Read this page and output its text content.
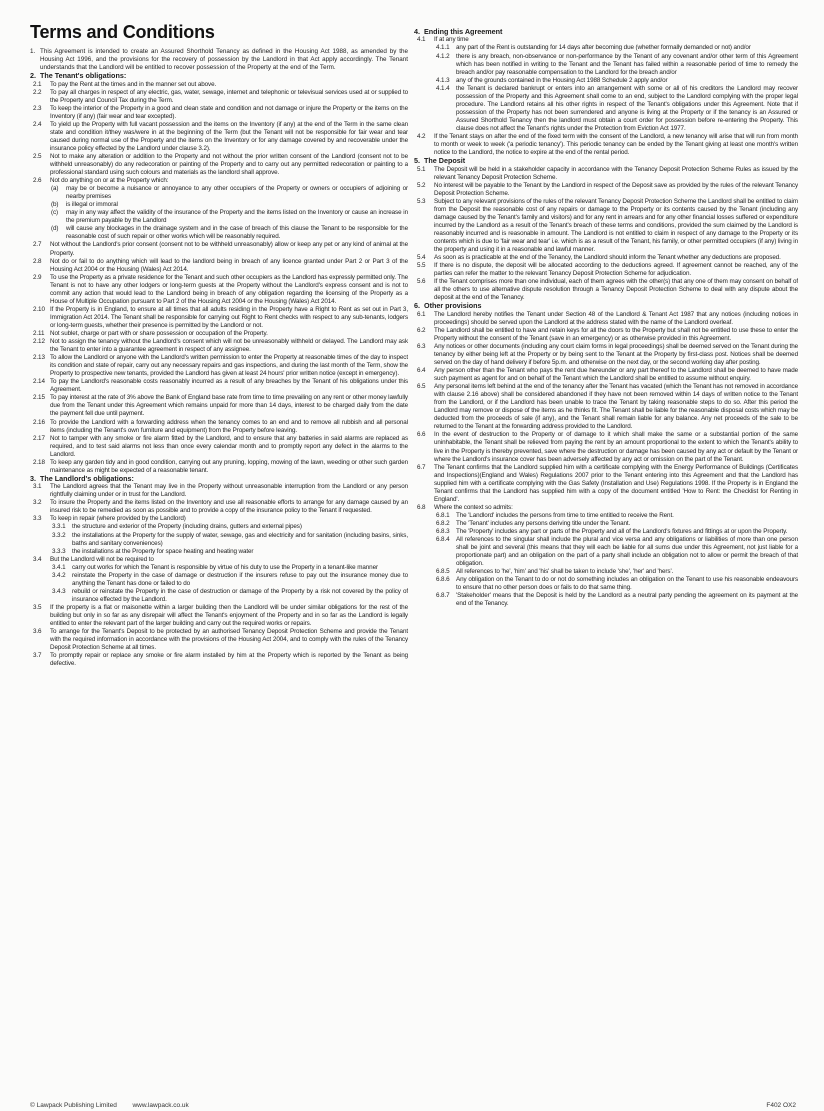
Terms and Conditions
1. This Agreement is intended to create an Assured Shorthold Tenancy as defined in the Housing Act 1988, as amended by the Housing Act 1996, and the provisions for the recovery of possession by the Landlord in that Act apply accordingly. The Tenant understands that the Landlord will be entitled to recover possession of the Property at the end of the Term.
2. The Tenant's obligations:
2.1 To pay the Rent at the times and in the manner set out above.
2.2 To pay all charges in respect of any electric, gas, water, sewage, internet and telephonic or televisual services used at or supplied to the Property and Council Tax during the Term.
2.3 To keep the interior of the Property in a good and clean state and condition and not damage or injure the Property or the items on the Inventory (if any) (fair wear and tear excepted).
2.4 To yield up the Property with full vacant possession and the items on the Inventory (if any) at the end of the Term in the same clean state and condition it/they was/were in at the beginning of the Term (but the Tenant will not be responsible for fair wear and tear caused during normal use of the Property and the items on the Inventory or for any damage covered by and recoverable under the insurance policy effected by the Landlord under clause 3.2).
2.5 Not to make any alteration or addition to the Property and not without the prior written consent of the Landlord (consent not to be withheld unreasonably) do any redecoration or painting of the Property and to carry out any permitted redecoration or painting to a professional standard using such colours and materials as the landlord shall approve.
2.6 Not do anything on or at the Property which:
(a) may be or become a nuisance or annoyance to any other occupiers of the Property or owners or occupiers of adjoining or nearby premises
(b) is illegal or immoral
(c) may in any way affect the validity of the insurance of the Property and the items listed on the Inventory or cause an increase in the premium payable by the Landlord
(d) will cause any blockages in the drainage system and in the case of breach of this clause the Tenant to be responsible for the reasonable cost of such repair or other works which will be reasonably required.
2.7 Not without the Landlord's prior consent (consent not to be withheld unreasonably) allow or keep any pet or any kind of animal at the Property.
2.8 Not do or fail to do anything which will lead to the landlord being in breach of any licence granted under Part 2 or Part 3 of the Housing Act 2004 or the Housing (Wales) Act 2014.
2.9 To use the Property as a private residence for the Tenant and such other occupiers as the Landlord has expressly permitted only. The Tenant is not to have any other lodgers or long-term guests at the Property without the Landlord's express consent and is not to commit any action that would lead to the Landlord being in breach of any obligation regarding the licensing of the Property as a House of Multiple Occupation pursuant to Part 2 of the Housing Act 2004 or the Housing (Wales) Act 2014.
2.10 If the Property is in England, to ensure at all times that all adults residing in the Property have a Right to Rent as set out in Part 3, Immigration Act 2014. The Tenant shall be responsible for carrying out Right to Rent checks with respect to any sub-tenants, lodgers or long-term guests, whether their presence is permitted by the Landlord or not.
2.11 Not sublet, charge or part with or share possession or occupation of the Property.
2.12 Not to assign the tenancy without the Landlord's consent which will not be unreasonably withheld or delayed. The Landlord may ask the Tenant to enter into a guarantee agreement in respect of any assignee.
2.13 To allow the Landlord or anyone with the Landlord's written permission to enter the Property at reasonable times of the day to inspect its condition and state of repair, carry out any necessary repairs and gas inspections, and during the last month of the Term, show the Property to prospective new tenants, provided the Landlord has given at least 24 hours' prior written notice (except in emergency).
2.14 To pay the Landlord's reasonable costs reasonably incurred as a result of any breaches by the Tenant of his obligations under this Agreement.
2.15 To pay interest at the rate of 3% above the Bank of England base rate from time to time prevailing on any rent or other money lawfully due from the Tenant under this Agreement which remains unpaid for more than 14 days, interest to be charged daily from the date the payment fell due until payment.
2.16 To provide the Landlord with a forwarding address when the tenancy comes to an end and to remove all rubbish and all personal items (including the Tenant's own furniture and equipment) from the Property before leaving.
2.17 Not to tamper with any smoke or fire alarm fitted by the Landlord, and to ensure that any batteries in said alarms are replaced as required, and to test said alarms not less than once every calendar month and to promptly report any defect in the alarms to the Landlord.
2.18 To keep any garden tidy and in good condition, carrying out any pruning, lopping, mowing of the lawn, weeding or other such garden maintenance as might be expected of a reasonable tenant.
3. The Landlord's obligations:
3.1 The Landlord agrees that the Tenant may live in the Property without unreasonable interruption from the Landlord or any person rightfully claiming under or in trust for the Landlord.
3.2 To insure the Property and the items listed on the Inventory and use all reasonable efforts to arrange for any damage caused by an insured risk to be remedied as soon as possible and to provide a copy of the insurance policy to the Tenant if requested.
3.3 To keep in repair (where provided by the Landlord)
3.3.1 the structure and exterior of the Property (including drains, gutters and external pipes)
3.3.2 the installations at the Property for the supply of water, sewage, gas and electricity and for sanitation (including basins, sinks, baths and sanitary conveniences)
3.3.3 the installations at the Property for space heating and heating water
3.4 But the Landlord will not be required to
3.4.1 carry out works for which the Tenant is responsible by virtue of his duty to use the Property in a tenant-like manner
3.4.2 reinstate the Property in the case of damage or destruction if the insurers refuse to pay out the insurance money due to anything the Tenant has done or failed to do
3.4.3 rebuild or reinstate the Property in the case of destruction or damage of the Property by a risk not covered by the policy of insurance effected by the Landlord.
3.5 If the property is a flat or maisonette within a larger building then the Landlord will be under similar obligations for the rest of the building but only in so far as any disrepair will affect the Tenant's enjoyment of the Property and in so far as the Landlord is legally entitled to enter the relevant part of the larger building and carry out the required works or repairs.
3.6 To arrange for the Tenant's Deposit to be protected by an authorised Tenancy Deposit Protection Scheme and provide the Tenant with the required information in accordance with the provisions of the Housing Act 2004, and to comply with the rules of the Tenancy Deposit Protection Scheme at all times.
3.7 To promptly repair or replace any smoke or fire alarm installed by him at the Property which is reported by the Tenant as being defective.
4. Ending this Agreement
4.1 If at any time
4.1.1 any part of the Rent is outstanding for 14 days after becoming due (whether formally demanded or not) and/or
4.1.2 there is any breach, non-observance or non-performance by the Tenant of any covenant and/or other term of this Agreement which has been notified in writing to the Tenant and the Tenant has failed within a reasonable period of time to remedy the breach and/or pay reasonable compensation to the Landlord for the breach and/or
4.1.3 any of the grounds contained in the Housing Act 1988 Schedule 2 apply and/or
4.1.4 the Tenant is declared bankrupt or enters into an arrangement with some or all of his creditors the Landlord may recover possession of the Property and this Agreement shall come to an end, subject to the Landlord complying with the proper legal procedure. The Landlord retains all his other rights in respect of the Tenant's obligations under this Agreement. Note that if possession of the Property has not been surrendered and anyone is living at the Property or if the tenancy is an Assured or Assured Shorthold Tenancy then the landlord must obtain a court order for possession before re-entering the Property. This clause does not affect the Tenant's rights under the Protection from Eviction Act 1977.
4.2 If the Tenant stays on after the end of the fixed term with the consent of the Landlord, a new tenancy will arise that will run from month to month or week to week ('a periodic tenancy'). This periodic tenancy can be ended by the Tenant giving at least one month's written notice to the Landlord, the notice to expire at the end of the rental period.
5. The Deposit
5.1 The Deposit will be held in a stakeholder capacity in accordance with the Tenancy Deposit Protection Scheme Rules as issued by the relevant Tenancy Deposit Protection Scheme.
5.2 No interest will be payable to the Tenant by the Landlord in respect of the Deposit save as provided by the rules of the relevant Tenancy Deposit Protection Scheme.
5.3 Subject to any relevant provisions of the rules of the relevant Tenancy Deposit Protection Scheme the Landlord shall be entitled to claim from the Deposit the reasonable cost of any repairs or damage to the Property or its contents caused by the Tenant (including any damage caused by the Tenant's family and visitors) and for any rent in arrears and for any other financial losses suffered or expenditure incurred by the Landlord as a result of the Tenant's breach of these terms and conditions, provided the sum claimed by the Landlord is reasonably incurred and is reasonable in amount. The Landlord is not entitled to claim in respect of any damage to the Property or its contents which is due to 'fair wear and tear' i.e. which is as a result of the Tenant, his family, or other permitted occupiers (if any) living in the property and using it in a reasonable and lawful manner.
5.4 As soon as is practicable at the end of the Tenancy, the Landlord should inform the Tenant whether any deductions are proposed.
5.5 If there is no dispute, the deposit will be allocated according to the deductions agreed. If agreement cannot be reached, any of the parties can refer the matter to the relevant Tenancy Deposit Protection Scheme for adjudication.
5.6 If the Tenant comprises more than one individual, each of them agrees with the other(s) that any one of them may consent on behalf of all the others to use alternative dispute resolution through a Tenancy Deposit Protection Scheme to deal with any dispute about the deposit at the end of the Tenancy.
6. Other provisions
6.1 The Landlord hereby notifies the Tenant under Section 48 of the Landlord & Tenant Act 1987 that any notices (including notices in proceedings) should be served upon the Landlord at the address stated with the name of the Landlord overleaf.
6.2 The Landlord shall be entitled to have and retain keys for all the doors to the Property but shall not be entitled to use these to enter the Property without the consent of the Tenant (save in an emergency) or as otherwise provided in this Agreement.
6.3 Any notices or other documents (including any court claim forms in legal proceedings) shall be deemed served on the Tenant during the tenancy by either being left at the Property or by being sent to the Tenant at the Property by first-class post. Notices shall be deemed served on the day of hand delivery if before 5p.m. and otherwise on the next day, or the second working day after posting.
6.4 Any person other than the Tenant who pays the rent due hereunder or any part thereof to the Landlord shall be deemed to have made such payment as agent for and on behalf of the Tenant which the Landlord shall be entitled to assume without enquiry.
6.5 Any personal items left behind at the end of the tenancy after the Tenant has vacated (which the Tenant has not removed in accordance with clause 2.16 above) shall be considered abandoned if they have not been removed within 14 days of written notice to the Tenant from the Landlord, or if the Landlord has been unable to trace the Tenant by taking reasonable steps to do so. After this period the Landlord may remove or dispose of the items as he thinks fit. The Tenant shall be liable for the reasonable disposal costs which may be deducted from the proceeds of sale (if any), and the Tenant shall remain liable for any balance. Any net proceeds of the sale to be returned to the Tenant at the forwarding address provided to the Landlord.
6.6 In the event of destruction to the Property or of damage to it which shall make the same or a substantial portion of the same uninhabitable, the Tenant shall be relieved from paying the rent by an amount proportional to the extent to which the Tenant's ability to live in the Property is thereby prevented, save where the destruction or damage has been caused by any act or default by the Tenant or where the Landlord's insurance cover has been adversely affected by any act or omission on the part of the Tenant.
6.7 The Tenant confirms that the Landlord supplied him with a certificate complying with the Energy Performance of Buildings (Certificates and Inspections)(England and Wales) Regulations 2007 prior to the Tenant entering into this Agreement and that the Landlord has supplied him with a certificate complying with the Gas Safety (Installation and Use) Regulations 1998. If the Property is in England the Tenant confirms that the Landlord has supplied him with a copy of the document entitled 'How to Rent: the Checklist for Renting in England'.
6.8 Where the context so admits:
6.8.1 The 'Landlord' includes the persons from time to time entitled to receive the Rent.
6.8.2 The 'Tenant' includes any persons deriving title under the Tenant.
6.8.3 The 'Property' includes any part or parts of the Property and all of the Landlord's fixtures and fittings at or upon the Property.
6.8.4 All references to the singular shall include the plural and vice versa and any obligations or liabilities of more than one person shall be joint and several (this means that they will each be liable for all sums due under this Agreement, not just liable for a proportionate part) and an obligation on the part of a party shall include an obligation not to allow or permit the breach of that obligation.
6.8.5 All references to 'he', 'him' and 'his' shall be taken to include 'she', 'her' and 'hers'.
6.8.6 Any obligation on the Tenant to do or not do something includes an obligation on the Tenant to use his reasonable endeavours to ensure that no other person does or fails to do that same thing.
6.8.7 'Stakeholder' means that the Deposit is held by the Landlord as a neutral party pending the agreement on its payment at the end of the Tenancy.
© Lawpack Publishing Limited www.lawpack.co.uk	F402 OX2
